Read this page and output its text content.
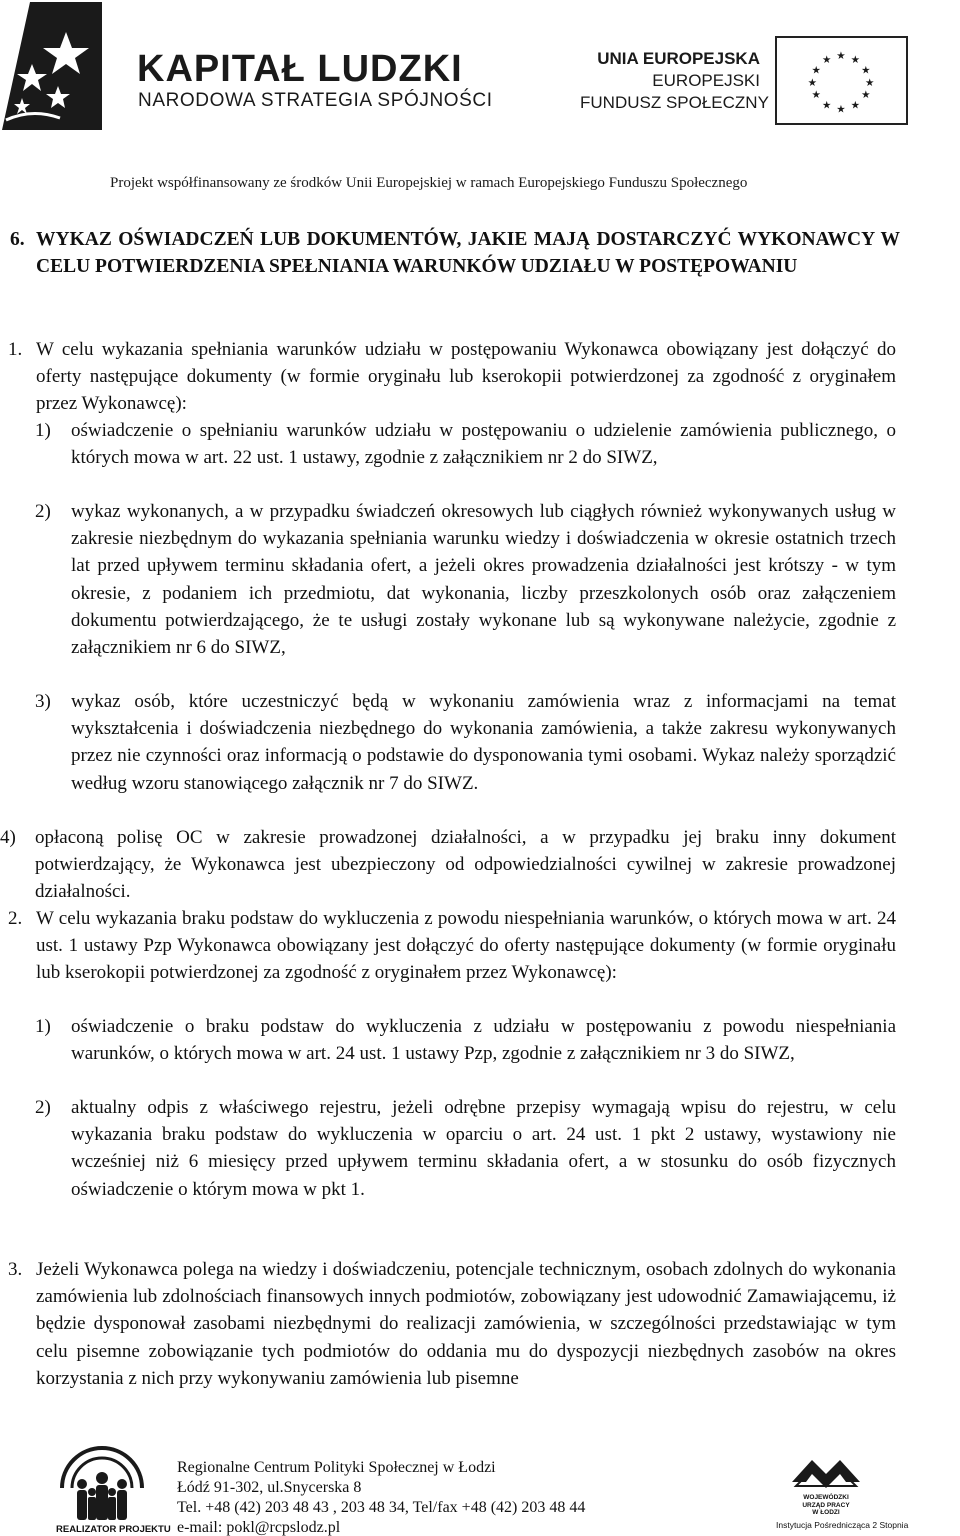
KAPITAŁ LUDZKI
NARODOWA STRATEGIA SPÓJNOŚCI
UNIA EUROPEJSKA
EUROPEJSKI
FUNDUSZ SPOŁECZNY
★ ★
★
★
★
★
★
★
★
★
★
★
Projekt współfinansowany ze środków Unii Europejskiej w ramach Europejskiego Funduszu Społecznego
6. WYKAZ OŚWIADCZEŃ LUB DOKUMENTÓW, JAKIE MAJĄ DOSTARCZYĆ WYKONAWCY W CELU POTWIERDZENIA SPEŁNIANIA WARUNKÓW UDZIAŁU W POSTĘPOWANIU
1. W celu wykazania spełniania warunków udziału w postępowaniu Wykonawca obowiązany jest dołączyć do oferty następujące dokumenty (w formie oryginału lub kserokopii potwierdzonej za zgodność z oryginałem przez Wykonawcę):
1) oświadczenie o spełnianiu warunków udziału w postępowaniu o udzielenie zamówienia publicznego, o których mowa w art. 22 ust. 1 ustawy, zgodnie z załącznikiem nr 2 do SIWZ,
2) wykaz wykonanych, a w przypadku świadczeń okresowych lub ciągłych również wykonywanych usług w zakresie niezbędnym do wykazania spełniania warunku wiedzy i doświadczenia w okresie ostatnich trzech lat przed upływem terminu składania ofert, a jeżeli okres prowadzenia działalności jest krótszy - w tym okresie, z podaniem ich przedmiotu, dat wykonania, liczby przeszkolonych osób oraz załączeniem dokumentu potwierdzającego, że te usługi zostały wykonane lub są wykonywane należycie, zgodnie z załącznikiem nr 6 do SIWZ,
3) wykaz osób, które uczestniczyć będą w wykonaniu zamówienia wraz z informacjami na temat wykształcenia i doświadczenia niezbędnego do wykonania zamówienia, a także zakresu wykonywanych przez nie czynności oraz informacją o podstawie do dysponowania tymi osobami. Wykaz należy sporządzić według wzoru stanowiącego załącznik nr 7 do SIWZ.
4) opłaconą polisę OC w zakresie prowadzonej działalności, a w przypadku jej braku inny dokument potwierdzający, że Wykonawca jest ubezpieczony od odpowiedzialności cywilnej w zakresie prowadzonej działalności.
2. W celu wykazania braku podstaw do wykluczenia z powodu niespełniania warunków, o których mowa w art. 24 ust. 1 ustawy Pzp Wykonawca obowiązany jest dołączyć do oferty następujące dokumenty (w formie oryginału lub kserokopii potwierdzonej za zgodność z oryginałem przez Wykonawcę):
1) oświadczenie o braku podstaw do wykluczenia z udziału w postępowaniu z powodu niespełniania warunków, o których mowa w art. 24 ust. 1 ustawy Pzp, zgodnie z załącznikiem nr 3 do SIWZ,
2) aktualny odpis z właściwego rejestru, jeżeli odrębne przepisy wymagają wpisu do rejestru, w celu wykazania braku podstaw do wykluczenia w oparciu o art. 24 ust. 1 pkt 2 ustawy, wystawiony nie wcześniej niż 6 miesięcy przed upływem terminu składania ofert, a w stosunku do osób fizycznych oświadczenie o którym mowa w pkt 1.
3. Jeżeli Wykonawca polega na wiedzy i doświadczeniu, potencjale technicznym, osobach zdolnych do wykonania zamówienia lub zdolnościach finansowych innych podmiotów, zobowiązany jest udowodnić Zamawiającemu, iż będzie dysponował zasobami niezbędnymi do realizacji zamówienia, w szczególności przedstawiając w tym celu pisemne zobowiązanie tych podmiotów do oddania mu do dyspozycji niezbędnych zasobów na okres korzystania z nich przy wykonywaniu zamówienia lub pisemne
REALIZATOR PROJEKTU
Regionalne Centrum Polityki Społecznej w Łodzi
Łódź 91-302, ul.Snycerska 8
Tel. +48 (42) 203 48 43 , 203 48 34, Tel/fax +48 (42) 203 48 44
e-mail: pokl@rcpslodz.pl
WOJEWÓDZKI URZĄD PRACY W ŁODZI
Instytucja Pośrednicząca 2 Stopnia
